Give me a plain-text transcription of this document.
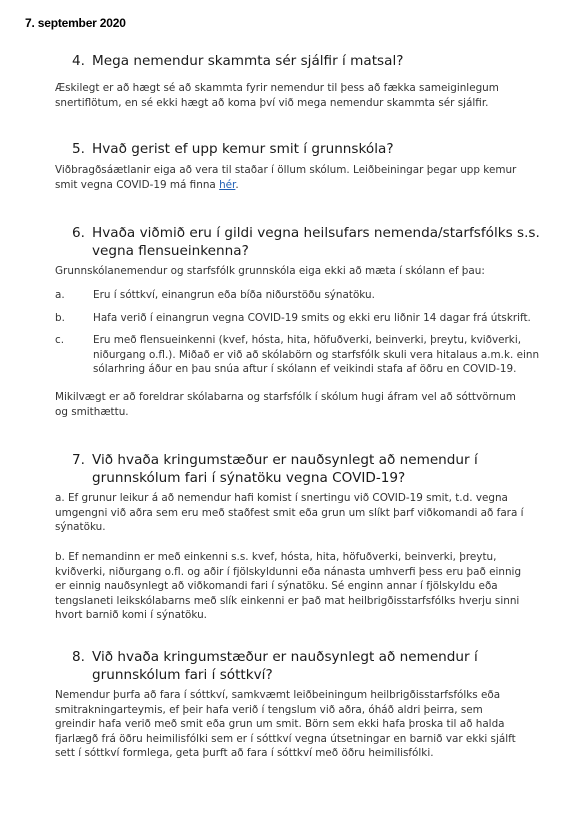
7. september 2020
4. Mega nemendur skammta sér sjálfir í matsal?
Æskilegt er að hægt sé að skammta fyrir nemendur til þess að fækka sameiginlegum snertiflötum, en sé ekki hægt að koma því við mega nemendur skammta sér sjálfir.
5. Hvað gerist ef upp kemur smit í grunnskóla?
Viðbragðsáætlanir eiga að vera til staðar í öllum skólum. Leiðbeiningar þegar upp kemur smit vegna COVID-19 má finna hér.
6. Hvaða viðmið eru í gildi vegna heilsufars nemenda/starfsfólks s.s. vegna flensueinkenna?
Grunnskólanemendur og starfsfólk grunnskóla eiga ekki að mæta í skólann ef þau:
a.	Eru í sóttkví, einangrun eða bíða niðurstöðu sýnatöku.
b.	Hafa verið í einangrun vegna COVID-19 smits og ekki eru liðnir 14 dagar frá útskrift.
c.	Eru með flensueinkenni (kvef, hósta, hita, höfuðverki, beinverki, þreytu, kviðverki, niðurgang o.fl.). Miðað er við að skólabörn og starfsfólk skuli vera hitalaus a.m.k. einn sólarhring áður en þau snúa aftur í skólann ef veikindi stafa af öðru en COVID-19.
Mikilvægt er að foreldrar skólabarna og starfsfólk í skólum hugi áfram vel að sóttvörnum og smithættu.
7. Við hvaða kringumstæður er nauðsynlegt að nemendur í grunnskólum fari í sýnatöku vegna COVID-19?
a. Ef grunur leikur á að nemendur hafi komist í snertingu við COVID-19 smit, t.d. vegna umgengni við aðra sem eru með staðfest smit eða grun um slíkt þarf viðkomandi að fara í sýnatöku.
b. Ef nemandinn er með einkenni s.s. kvef, hósta, hita, höfuðverki, beinverki, þreytu, kviðverki, niðurgang o.fl. og aðir í fjölskyldunni eða nánasta umhverfi þess eru það einnig er einnig nauðsynlegt að viðkomandi fari í sýnatöku. Sé enginn annar í fjölskyldu eða tengslaneti leikskólabarns með slík einkenni er það mat heilbrigðisstarfsfólks hverju sinni hvort barnið komi í sýnatöku.
8. Við hvaða kringumstæður er nauðsynlegt að nemendur í grunnskólum fari í sóttkví?
Nemendur þurfa að fara í sóttkví, samkvæmt leiðbeiningum heilbrigðisstarfsfólks eða smitrakningarteymis, ef þeir hafa verið í tengslum við aðra, óháð aldri þeirra, sem greindir hafa verið með smit eða grun um smit. Börn sem ekki hafa þroska til að halda fjarlægð frá öðru heimilisfólki sem er í sóttkví vegna útsetningar en barnið var ekki sjálft sett í sóttkví formlega, geta þurft að fara í sóttkví með öðru heimilisfólki.
